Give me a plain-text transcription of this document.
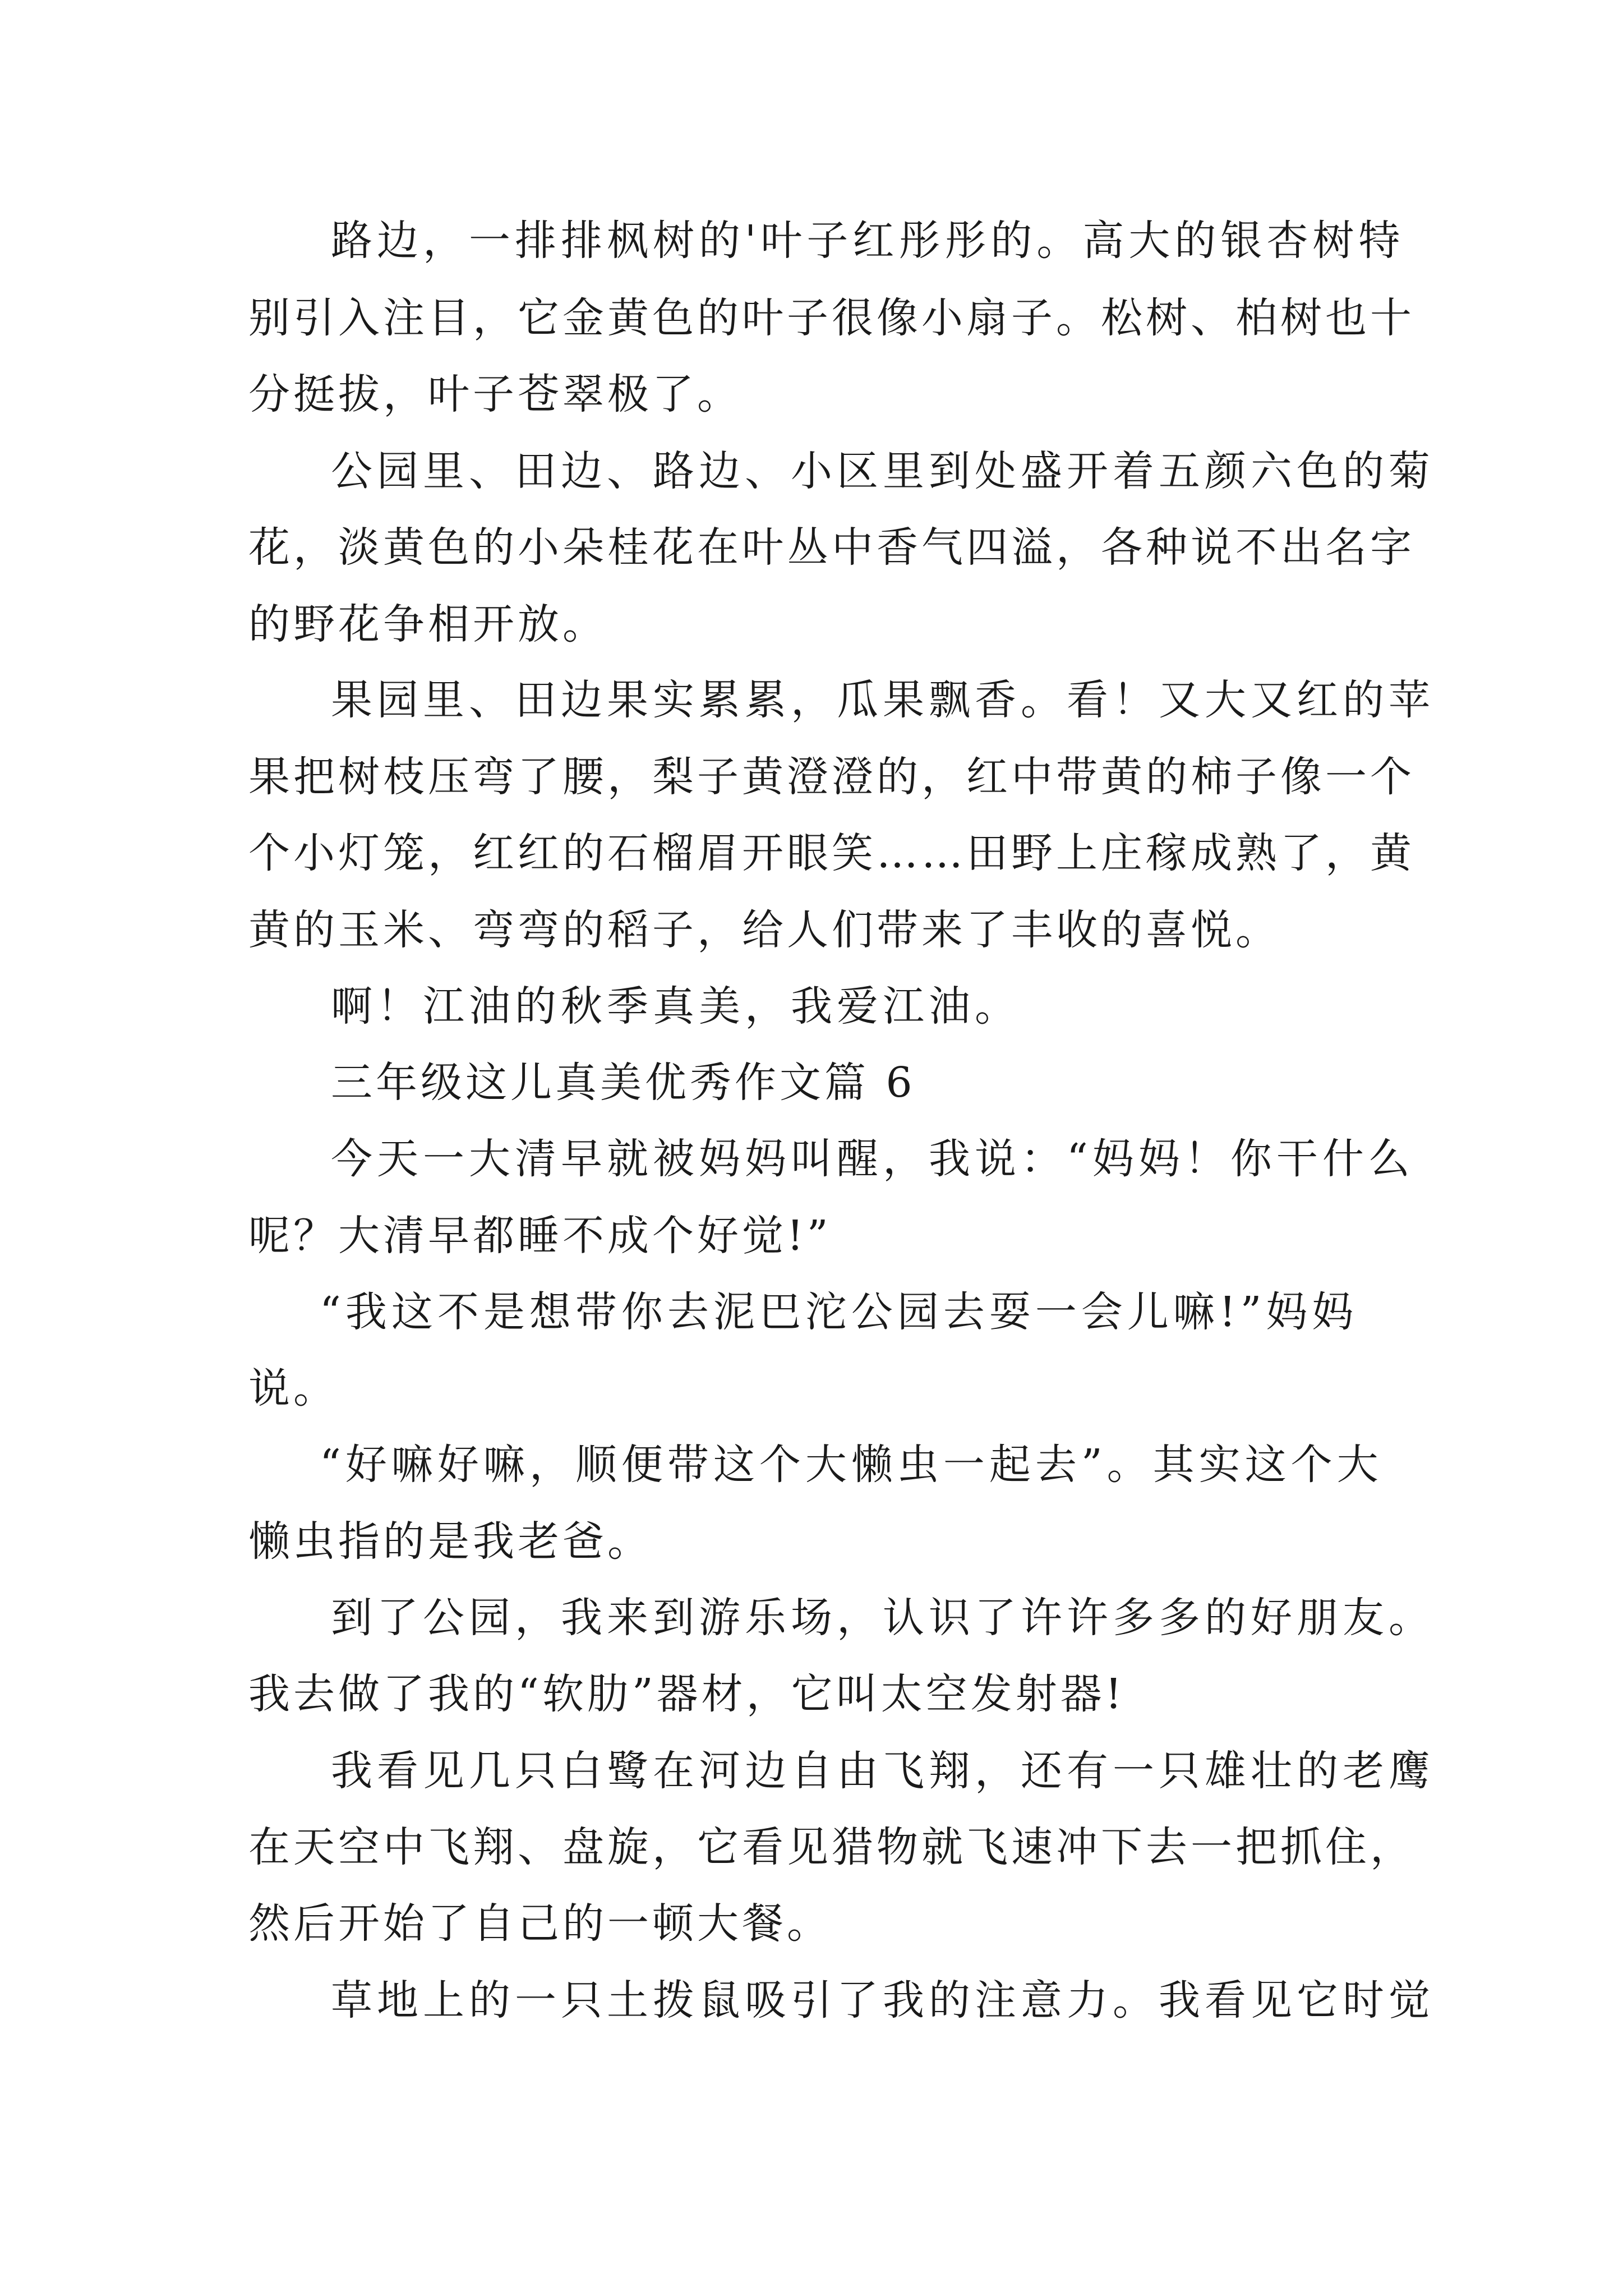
路边，一排排枫树的'叶子红彤彤的。高大的银杏树特
别引入注目，它金黄色的叶子很像小扇子。松树、柏树也十
分挺拔，叶子苍翠极了。
公园里、田边、路边、小区里到处盛开着五颜六色的菊
花，淡黄色的小朵桂花在叶丛中香气四溢，各种说不出名字
的野花争相开放。
果园里、田边果实累累，瓜果飘香。看！又大又红的苹
果把树枝压弯了腰，梨子黄澄澄的，红中带黄的柿子像一个
个小灯笼，红红的石榴眉开眼笑……田野上庄稼成熟了，黄
黄的玉米、弯弯的稻子，给人们带来了丰收的喜悦。
啊！江油的秋季真美，我爱江油。
三年级这儿真美优秀作文篇 6
今天一大清早就被妈妈叫醒，我说：“妈妈！你干什么
呢？大清早都睡不成个好觉!”
“我这不是想带你去泥巴沱公园去耍一会儿嘛!”妈妈
说。
“好嘛好嘛，顺便带这个大懒虫一起去”。其实这个大
懒虫指的是我老爸。
到了公园，我来到游乐场，认识了许许多多的好朋友。
我去做了我的“软肋”器材，它叫太空发射器!
我看见几只白鹭在河边自由飞翔，还有一只雄壮的老鹰
在天空中飞翔、盘旋，它看见猎物就飞速冲下去一把抓住，
然后开始了自己的一顿大餐。
草地上的一只土拨鼠吸引了我的注意力。我看见它时觉
